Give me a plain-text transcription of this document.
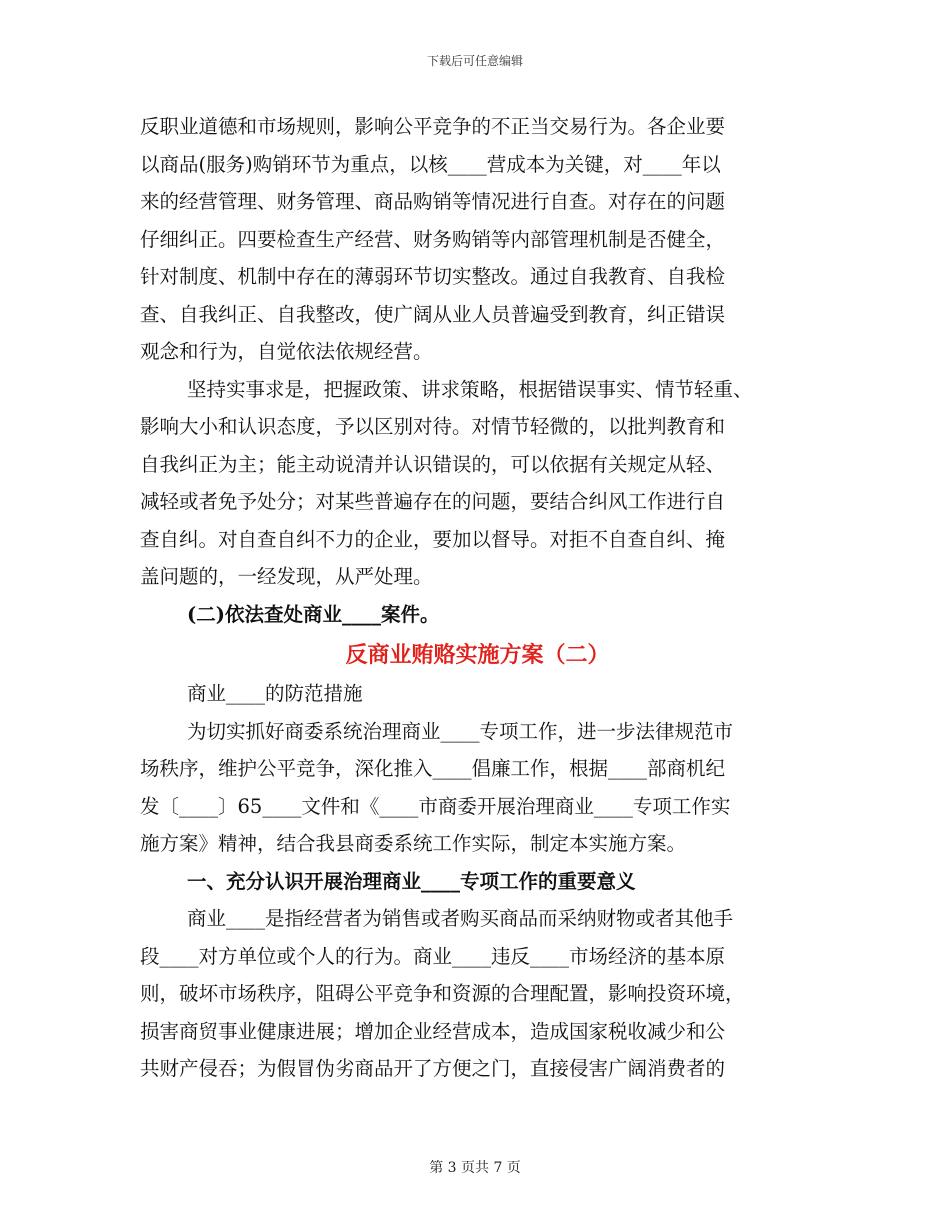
下载后可任意编辑
反职业道德和市场规则，影响公平竞争的不正当交易行为。各企业要
以商品(服务)购销环节为重点，以核____营成本为关键，对____年以
来的经营管理、财务管理、商品购销等情况进行自查。对存在的问题
仔细纠正。四要检查生产经营、财务购销等内部管理机制是否健全，
针对制度、机制中存在的薄弱环节切实整改。通过自我教育、自我检
查、自我纠正、自我整改，使广阔从业人员普遍受到教育，纠正错误
观念和行为，自觉依法依规经营。
坚持实事求是，把握政策、讲求策略，根据错误事实、情节轻重、
影响大小和认识态度，予以区别对待。对情节轻微的，以批判教育和
自我纠正为主；能主动说清并认识错误的，可以依据有关规定从轻、
减轻或者免予处分；对某些普遍存在的问题，要结合纠风工作进行自
查自纠。对自查自纠不力的企业，要加以督导。对拒不自查自纠、掩
盖问题的，一经发现，从严处理。
(二)依法查处商业____案件。
反商业贿赂实施方案（二）
商业____的防范措施
为切实抓好商委系统治理商业____专项工作，进一步法律规范市
场秩序，维护公平竞争，深化推入____倡廉工作，根据____部商机纪
发〔____〕65____文件和《____市商委开展治理商业____专项工作实
施方案》精神，结合我县商委系统工作实际，制定本实施方案。
一、充分认识开展治理商业____专项工作的重要意义
商业____是指经营者为销售或者购买商品而采纳财物或者其他手
段____对方单位或个人的行为。商业____违反____市场经济的基本原
则，破坏市场秩序，阻碍公平竞争和资源的合理配置，影响投资环境，
损害商贸事业健康进展；增加企业经营成本，造成国家税收减少和公
共财产侵吞；为假冒伪劣商品开了方便之门，直接侵害广阔消费者的
第 3 页共 7 页
